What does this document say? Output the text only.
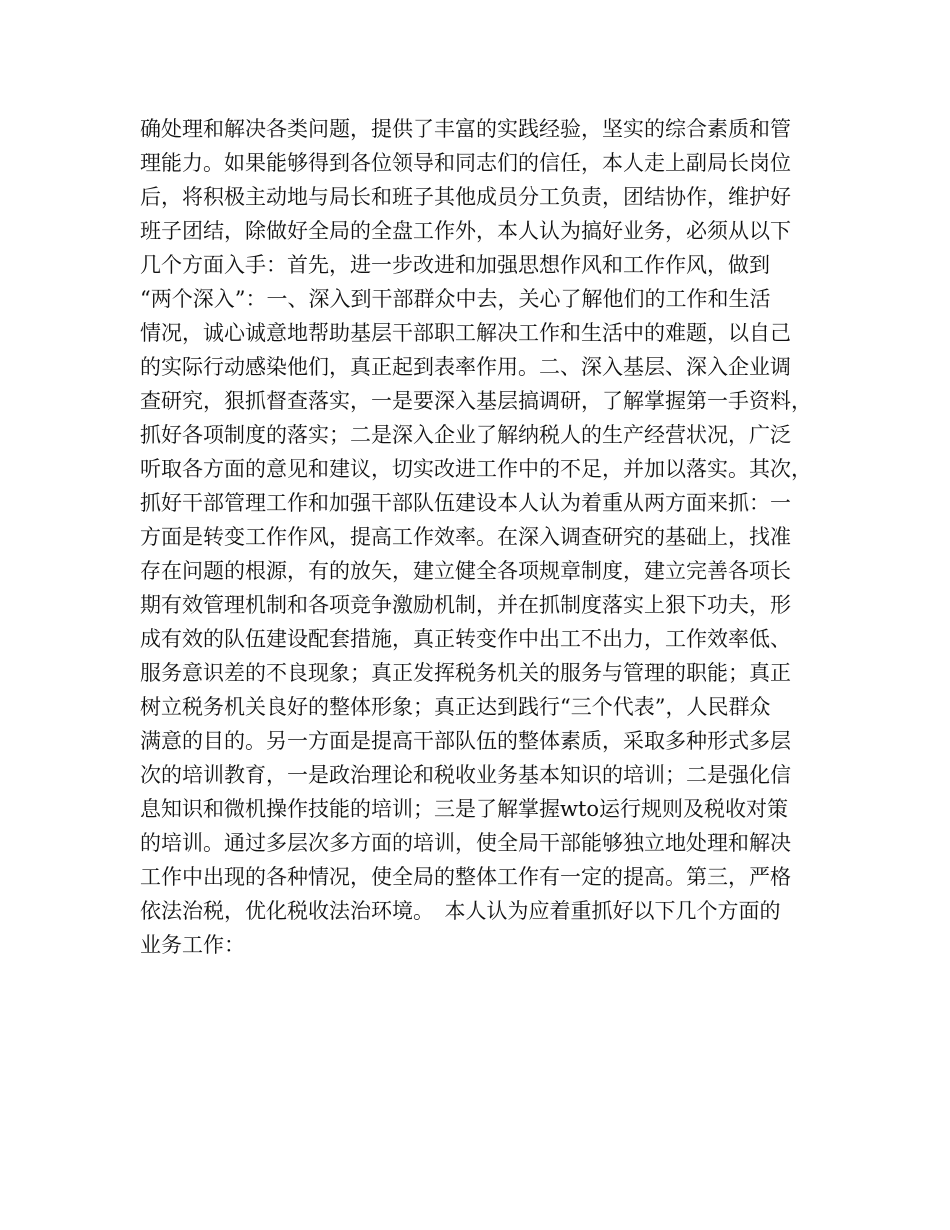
确处理和解决各类问题，提供了丰富的实践经验，坚实的综合素质和管
理能力。如果能够得到各位领导和同志们的信任，本人走上副局长岗位
后，将积极主动地与局长和班子其他成员分工负责，团结协作，维护好
班子团结，除做好全局的全盘工作外，本人认为搞好业务，必须从以下
几个方面入手：首先，进一步改进和加强思想作风和工作作风，做到
“两个深入”：一、深入到干部群众中去，关心了解他们的工作和生活
情况，诚心诚意地帮助基层干部职工解决工作和生活中的难题，以自己
的实际行动感染他们，真正起到表率作用。二、深入基层、深入企业调
查研究，狠抓督查落实，一是要深入基层搞调研，了解掌握第一手资料，
抓好各项制度的落实；二是深入企业了解纳税人的生产经营状况，广泛
听取各方面的意见和建议，切实改进工作中的不足，并加以落实。其次，
抓好干部管理工作和加强干部队伍建设本人认为着重从两方面来抓：一
方面是转变工作作风，提高工作效率。在深入调查研究的基础上，找准
存在问题的根源，有的放矢，建立健全各项规章制度，建立完善各项长
期有效管理机制和各项竞争激励机制，并在抓制度落实上狠下功夫，形
成有效的队伍建设配套措施，真正转变作中出工不出力，工作效率低、
服务意识差的不良现象；真正发挥税务机关的服务与管理的职能；真正
树立税务机关良好的整体形象；真正达到践行“三个代表”，人民群众
满意的目的。另一方面是提高干部队伍的整体素质，采取多种形式多层
次的培训教育，一是政治理论和税收业务基本知识的培训；二是强化信
息知识和微机操作技能的培训；三是了解掌握wto运行规则及税收对策
的培训。通过多层次多方面的培训，使全局干部能够独立地处理和解决
工作中出现的各种情况，使全局的整体工作有一定的提高。第三，严格
依法治税，优化税收法治环境。　本人认为应着重抓好以下几个方面的
业务工作：
